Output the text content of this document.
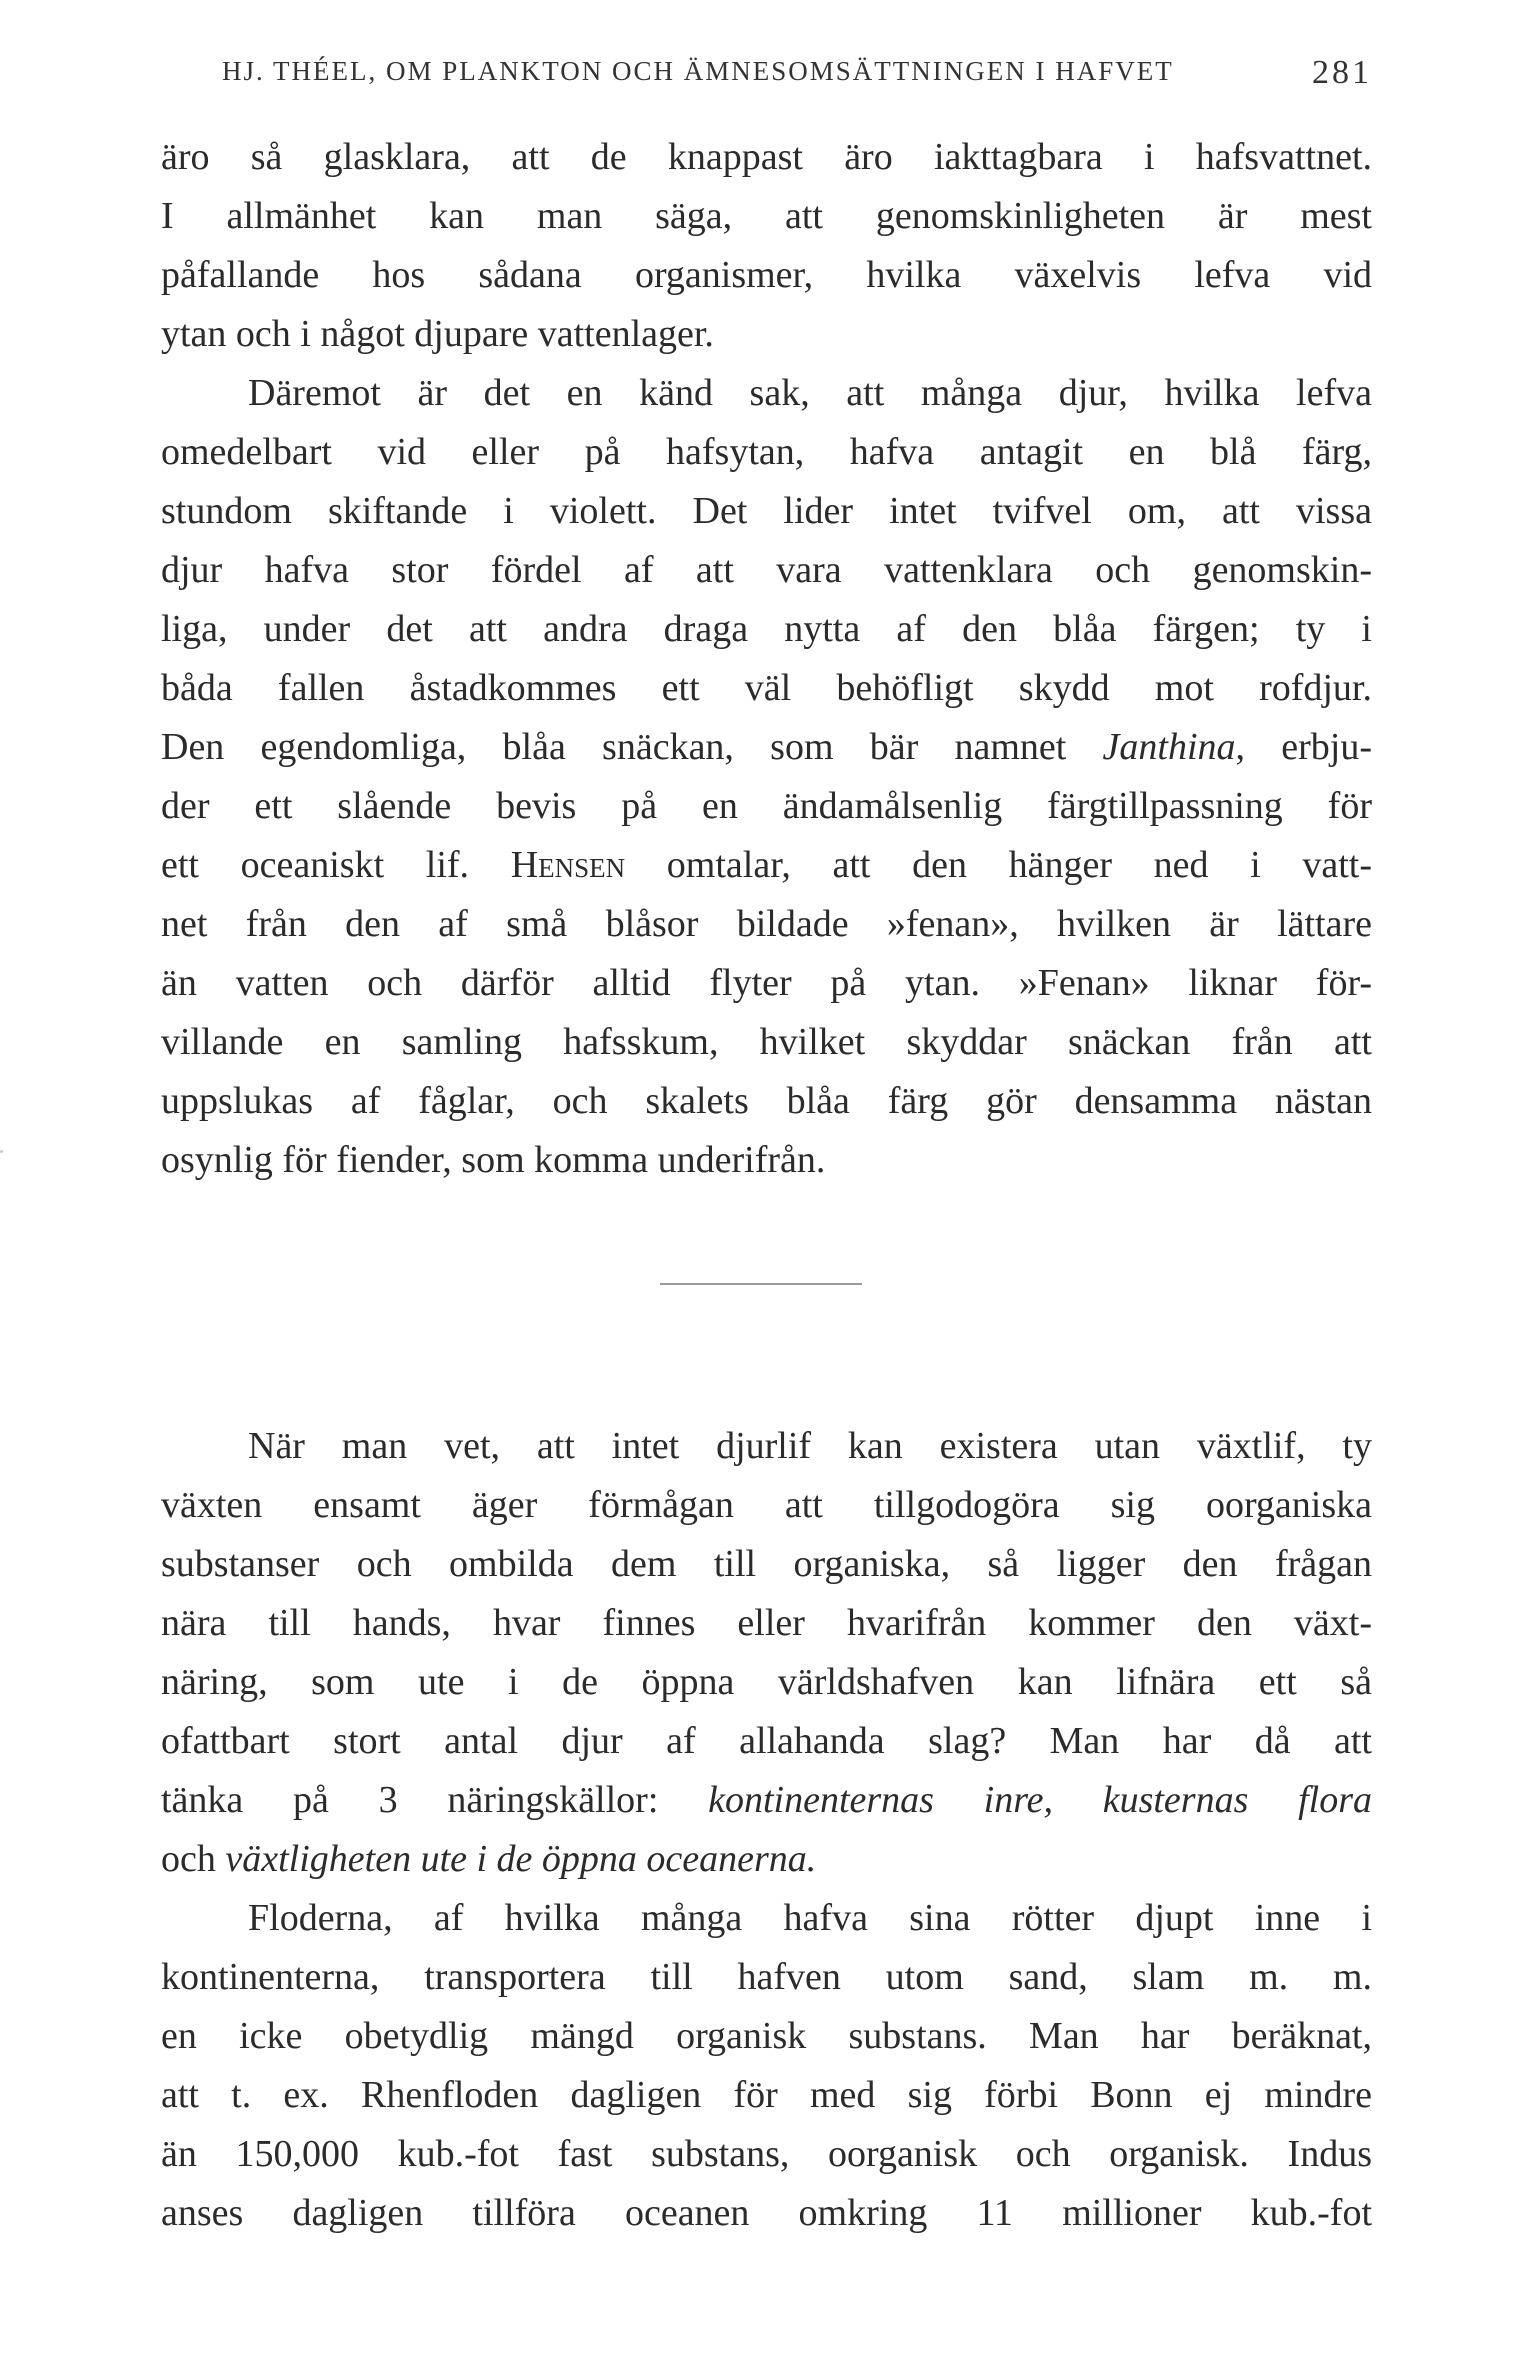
HJ. THÉEL, OM PLANKTON OCH ÄMNESOMSÄTTNINGEN I HAFVET	281
äro så glasklara, att de knappast äro iakttagbara i hafsvattnet.
I allmänhet kan man säga, att genomskinligheten är mest
påfallande hos sådana organismer, hvilka växelvis lefva vid
ytan och i något djupare vattenlager.
Däremot är det en känd sak, att många djur, hvilka lefva
omedelbart vid eller på hafsytan, hafva antagit en blå färg,
stundom skiftande i violett. Det lider intet tvifvel om, att vissa
djur hafva stor fördel af att vara vattenklara och genomskin-
liga, under det att andra draga nytta af den blåa färgen; ty i
båda fallen åstadkommes ett väl behöfligt skydd mot rofdjur.
Den egendomliga, blåa snäckan, som bär namnet Janthina, erbju-
der ett slående bevis på en ändamålsenlig färgtillpassning för
ett oceaniskt lif. Hensen omtalar, att den hänger ned i vatt-
net från den af små blåsor bildade »fenan», hvilken är lättare
än vatten och därför alltid flyter på ytan. »Fenan» liknar för-
villande en samling hafsskum, hvilket skyddar snäckan från att
uppslukas af fåglar, och skalets blåa färg gör densamma nästan
osynlig för fiender, som komma underifrån.
När man vet, att intet djurlif kan existera utan växtlif, ty
växten ensamt äger förmågan att tillgodogöra sig oorganiska
substanser och ombilda dem till organiska, så ligger den frågan
nära till hands, hvar finnes eller hvarifrån kommer den växt-
näring, som ute i de öppna världshafven kan lifnära ett så
ofattbart stort antal djur af allahanda slag? Man har då att
tänka på 3 näringskällor: kontinenternas inre, kusternas flora
och växtligheten ute i de öppna oceanerna.
Floderna, af hvilka många hafva sina rötter djupt inne i
kontinenterna, transportera till hafven utom sand, slam m. m.
en icke obetydlig mängd organisk substans. Man har beräknat,
att t. ex. Rhenfloden dagligen för med sig förbi Bonn ej mindre
än 150,000 kub.-fot fast substans, oorganisk och organisk. Indus
anses dagligen tillföra oceanen omkring 11 millioner kub.-fot
